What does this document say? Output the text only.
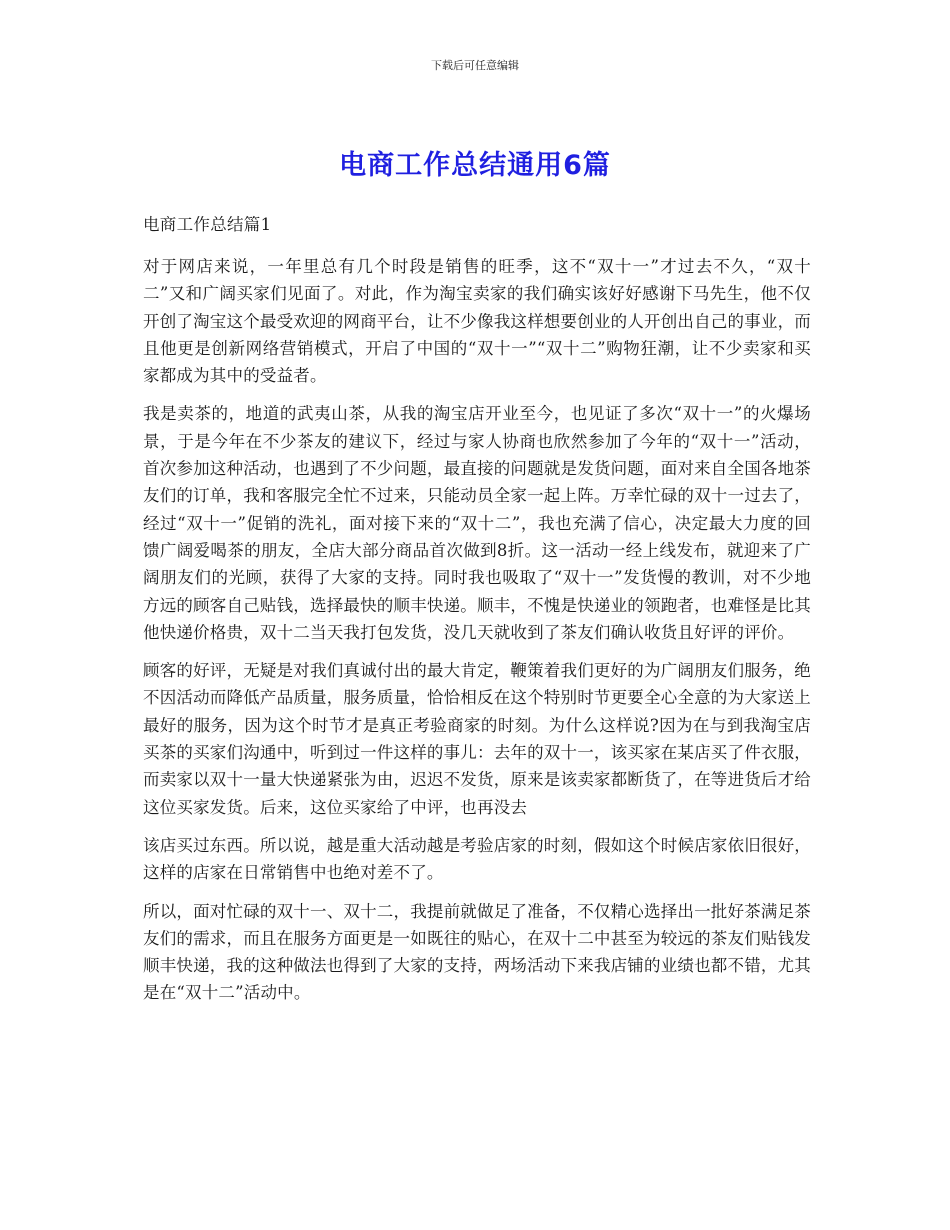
下载后可任意编辑
电商工作总结通用6篇

电商工作总结篇1

对于网店来说，一年里总有几个时段是销售的旺季，这不“双十一”才过去不久，“双十二”又和广阔买家们见面了。对此，作为淘宝卖家的我们确实该好好感谢下马先生，他不仅开创了淘宝这个最受欢迎的网商平台，让不少像我这样想要创业的人开创出自己的事业，而且他更是创新网络营销模式，开启了中国的“双十一”“双十二”购物狂潮，让不少卖家和买家都成为其中的受益者。

我是卖茶的，地道的武夷山茶，从我的淘宝店开业至今，也见证了多次“双十一”的火爆场景，于是今年在不少茶友的建议下，经过与家人协商也欣然参加了今年的“双十一”活动，首次参加这种活动，也遇到了不少问题，最直接的问题就是发货问题，面对来自全国各地茶友们的订单，我和客服完全忙不过来，只能动员全家一起上阵。万幸忙碌的双十一过去了，经过“双十一”促销的洗礼，面对接下来的“双十二”，我也充满了信心，决定最大力度的回馈广阔爱喝茶的朋友，全店大部分商品首次做到8折。这一活动一经上线发布，就迎来了广阔朋友们的光顾，获得了大家的支持。同时我也吸取了“双十一”发货慢的教训，对不少地方远的顾客自己贴钱，选择最快的顺丰快递。顺丰，不愧是快递业的领跑者，也难怪是比其他快递价格贵，双十二当天我打包发货，没几天就收到了茶友们确认收货且好评的评价。

顾客的好评，无疑是对我们真诚付出的最大肯定，鞭策着我们更好的为广阔朋友们服务，绝不因活动而降低产品质量，服务质量，恰恰相反在这个特别时节更要全心全意的为大家送上最好的服务，因为这个时节才是真正考验商家的时刻。为什么这样说?因为在与到我淘宝店买茶的买家们沟通中，听到过一件这样的事儿：去年的双十一，该买家在某店买了件衣服，而卖家以双十一量大快递紧张为由，迟迟不发货，原来是该卖家都断货了，在等进货后才给这位买家发货。后来，这位买家给了中评，也再没去

该店买过东西。所以说，越是重大活动越是考验店家的时刻，假如这个时候店家依旧很好，这样的店家在日常销售中也绝对差不了。

所以，面对忙碌的双十一、双十二，我提前就做足了准备，不仅精心选择出一批好茶满足茶友们的需求，而且在服务方面更是一如既往的贴心，在双十二中甚至为较远的茶友们贴钱发顺丰快递，我的这种做法也得到了大家的支持，两场活动下来我店铺的业绩也都不错，尤其是在“双十二”活动中。
